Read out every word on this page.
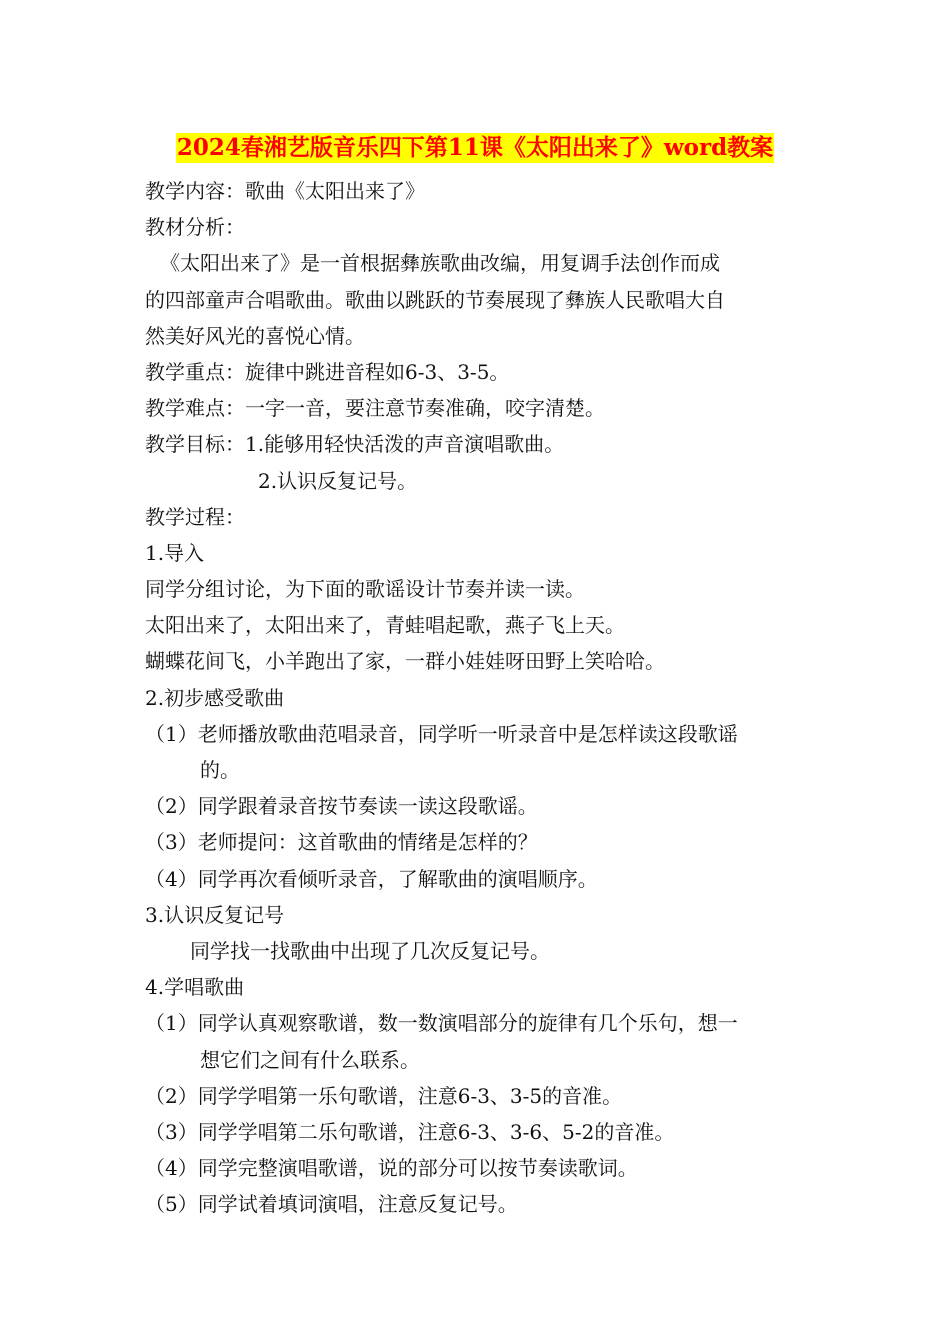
2024春湘艺版音乐四下第11课《太阳出来了》word教案
教学内容：歌曲《太阳出来了》
教材分析：
《太阳出来了》是一首根据彝族歌曲改编，用复调手法创作而成
的四部童声合唱歌曲。歌曲以跳跃的节奏展现了彝族人民歌唱大自
然美好风光的喜悦心情。
教学重点：旋律中跳进音程如6-3、3-5。
教学难点：一字一音，要注意节奏准确，咬字清楚。
教学目标：1.能够用轻快活泼的声音演唱歌曲。
2.认识反复记号。
教学过程：
1.导入
同学分组讨论，为下面的歌谣设计节奏并读一读。
太阳出来了，太阳出来了，青蛙唱起歌，燕子飞上天。
蝴蝶花间飞，小羊跑出了家，一群小娃娃呀田野上笑哈哈。
2.初步感受歌曲
（1）老师播放歌曲范唱录音，同学听一听录音中是怎样读这段歌谣
的。
（2）同学跟着录音按节奏读一读这段歌谣。
（3）老师提问：这首歌曲的情绪是怎样的？
（4）同学再次看倾听录音，了解歌曲的演唱顺序。
3.认识反复记号
同学找一找歌曲中出现了几次反复记号。
4.学唱歌曲
（1）同学认真观察歌谱，数一数演唱部分的旋律有几个乐句，想一
想它们之间有什么联系。
（2）同学学唱第一乐句歌谱，注意6-3、3-5的音准。
（3）同学学唱第二乐句歌谱，注意6-3、3-6、5-2的音准。
（4）同学完整演唱歌谱，说的部分可以按节奏读歌词。
（5）同学试着填词演唱，注意反复记号。
